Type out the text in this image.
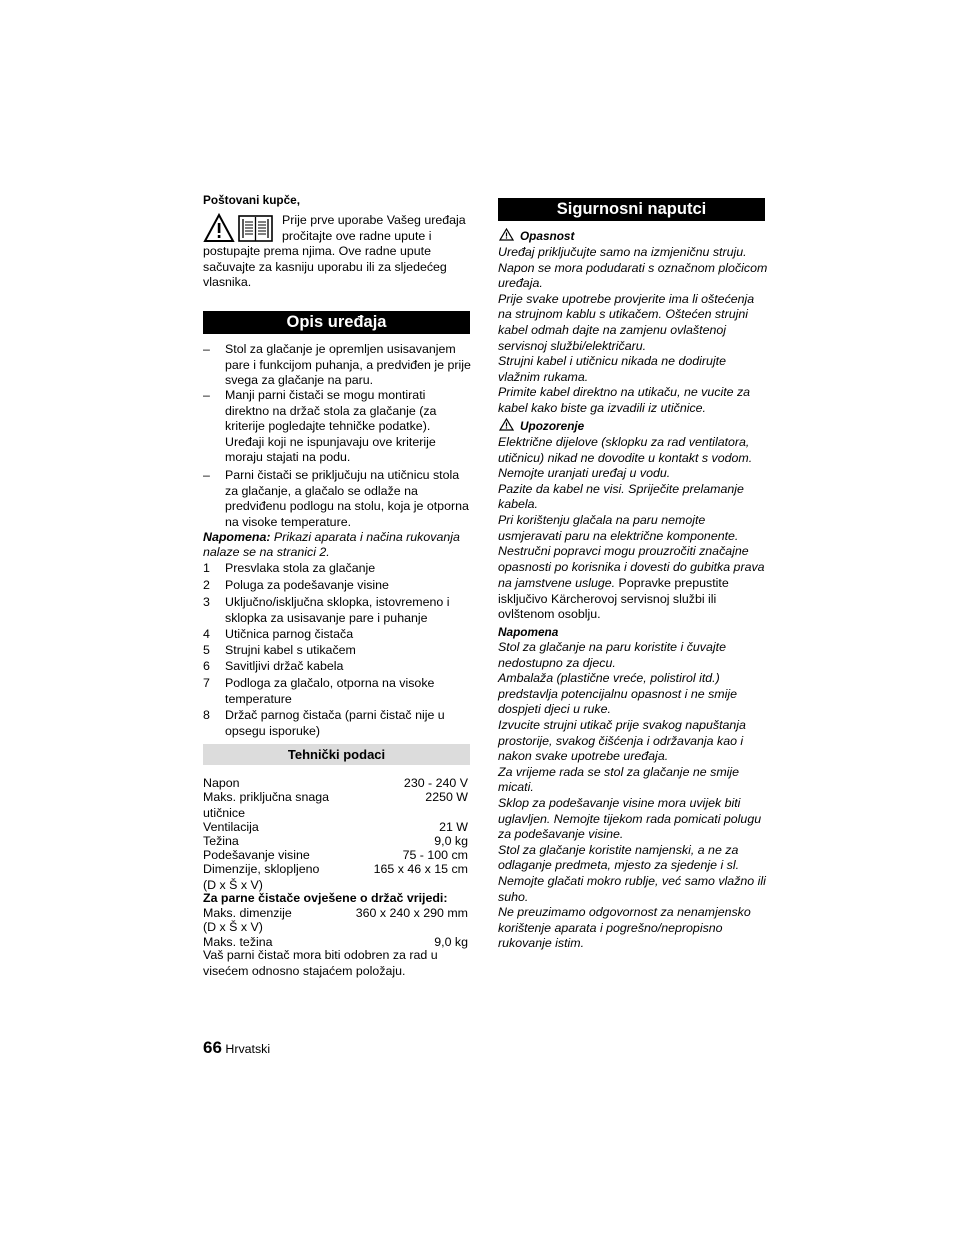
Poštovani kupče,
Prije prve uporabe Vašeg uređaja
pročitajte ove radne upute i
postupajte prema njima. Ove radne upute
sačuvajte za kasniju uporabu ili za sljedećeg
vlasnika.
Opis uređaja
– Stol za glačanje je opremljen usisavanjem
pare i funkcijom puhanja, a predviđen je prije
svega za glačanje na paru.
– Manji parni čistači se mogu montirati
direktno na držač stola za glačanje (za
kriterije pogledajte tehničke podatke).
Uređaji koji ne ispunjavaju ove kriterije
moraju stajati na podu.
– Parni čistači se priključuju na utičnicu stola
za glačanje, a glačalo se odlaže na
predviđenu podlogu na stolu, koja je otporna
na visoke temperature.
Napomena: Prikazi aparata i načina rukovanja
nalaze se na stranici 2.
1 Presvlaka stola za glačanje
2 Poluga za podešavanje visine
3 Uključno/isključna sklopka, istovremeno i
sklopka za usisavanje pare i puhanje
4 Utičnica parnog čistača
5 Strujni kabel s utikačem
6 Savitljivi držač kabela
7 Podloga za glačalo, otporna na visoke
temperature
8 Držač parnog čistača (parni čistač nije u
opsegu isporuke)
Tehnički podaci
Napon	230 - 240 V
Maks. priključna snaga	2250 W
utičnice
Ventilacija	21 W
Težina	9,0 kg
Podešavanje visine	75 - 100 cm
Dimenzije, sklopljeno	165 x 46 x 15 cm
(D x Š x V)
Za parne čistače ovješene o držač vrijedi:
Maks. dimenzije	360 x 240 x 290 mm
(D x Š x V)
Maks. težina	9,0 kg
Vaš parni čistač mora biti odobren za rad u
visećem odnosno stajaćem položaju.
66 Hrvatski
Sigurnosni naputci
Opasnost
Uređaj priključujte samo na izmjeničnu struju.
Napon se mora podudarati s označnom pločicom
uređaja.
Prije svake upotrebe provjerite ima li oštećenja
na strujnom kablu s utikačem. Oštećen strujni
kabel odmah dajte na zamjenu ovlaštenoj
servisnoj službi/električaru.
Strujni kabel i utičnicu nikada ne dodirujte
vlažnim rukama.
Primite kabel direktno na utikaču, ne vucite za
kabel kako biste ga izvadili iz utičnice.
Upozorenje
Električne dijelove (sklopku za rad ventilatora,
utičnicu) nikad ne dovodite u kontakt s vodom.
Nemojte uranjati uređaj u vodu.
Pazite da kabel ne visi. Spriječite prelamanje
kabela.
Pri korištenju glačala na paru nemojte
usmjeravati paru na električne komponente.
Nestručni popravci mogu prouzročiti značajne
opasnosti po korisnika i dovesti do gubitka prava
na jamstvene usluge. Popravke prepustite
isključivo Kärcherovoj servisnoj službi ili
ovlštenom osoblju.
Napomena
Stol za glačanje na paru koristite i čuvajte
nedostupno za djecu.
Ambalaža (plastične vreće, polistirol itd.)
predstavlja potencijalnu opasnost i ne smije
dospjeti djeci u ruke.
Izvucite strujni utikač prije svakog napuštanja
prostorije, svakog čišćenja i održavanja kao i
nakon svake upotrebe uređaja.
Za vrijeme rada se stol za glačanje ne smije
micati.
Sklop za podešavanje visine mora uvijek biti
uglavljen. Nemojte tijekom rada pomicati polugu
za podešavanje visine.
Stol za glačanje koristite namjenski, a ne za
odlaganje predmeta, mjesto za sjedenje i sl.
Nemojte glačati mokro rublje, već samo vlažno ili
suho.
Ne preuzimamo odgovornost za nenamjensko
korištenje aparata i pogrešno/nepropisno
rukovanje istim.
